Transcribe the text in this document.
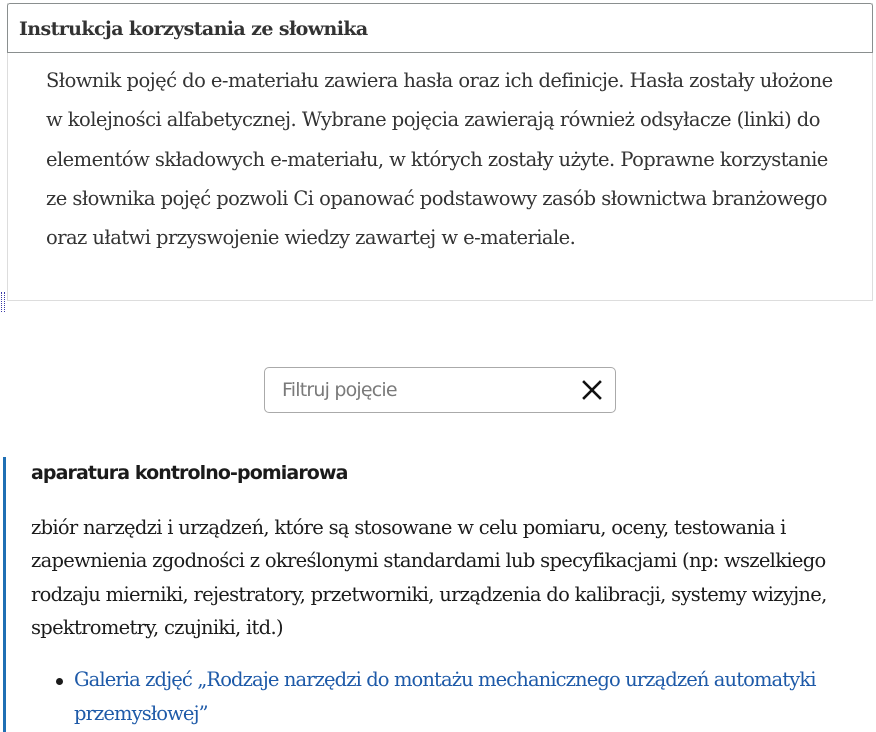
Instrukcja korzystania ze słownika

Słownik pojęć do e-materiału zawiera hasła oraz ich definicje. Hasła zostały ułożone w kolejności alfabetycznej. Wybrane pojęcia zawierają również odsyłacze (linki) do elementów składowych e-materiału, w których zostały użyte. Poprawne korzystanie ze słownika pojęć pozwoli Ci opanować podstawowy zasób słownictwa branżowego oraz ułatwi przyswojenie wiedzy zawartej w e-materiale.

Filtruj pojęcie
aparatura kontrolno-pomiarowa

zbiór narzędzi i urządzeń, które są stosowane w celu pomiaru, oceny, testowania i zapewnienia zgodności z określonymi standardami lub specyfikacjami (np: wszelkiego rodzaju mierniki, rejestratory, przetworniki, urządzenia do kalibracji, systemy wizyjne, spektrometry, czujniki, itd.)

Galeria zdjęć „Rodzaje narzędzi do montażu mechanicznego urządzeń automatyki przemysłowej”
